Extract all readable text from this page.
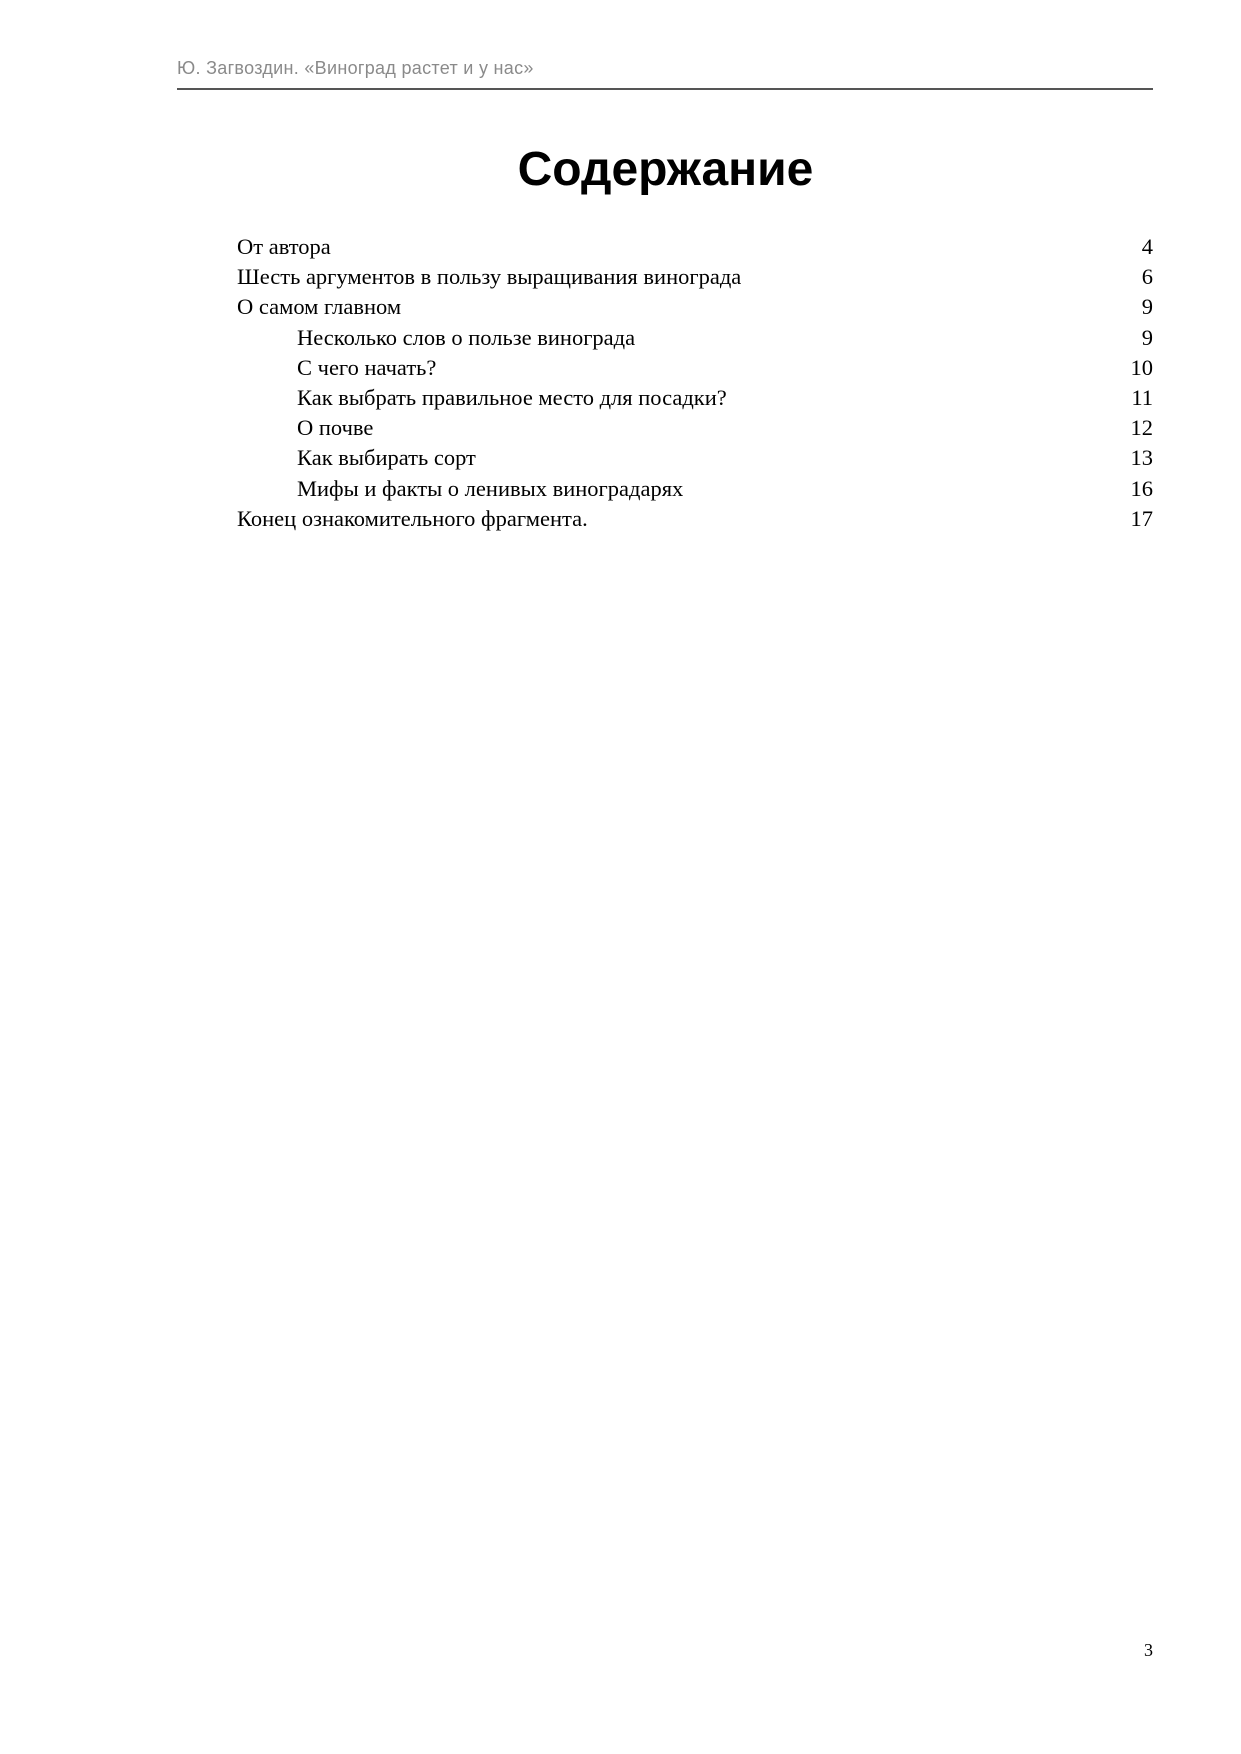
Ю. Загвоздин. «Виноград растет и у нас»
Содержание
От автора	4
Шесть аргументов в пользу выращивания винограда	6
О самом главном	9
Несколько слов о пользе винограда	9
С чего начать?	10
Как выбрать правильное место для посадки?	11
О почве	12
Как выбирать сорт	13
Мифы и факты о ленивых виноградарях	16
Конец ознакомительного фрагмента.	17
3
